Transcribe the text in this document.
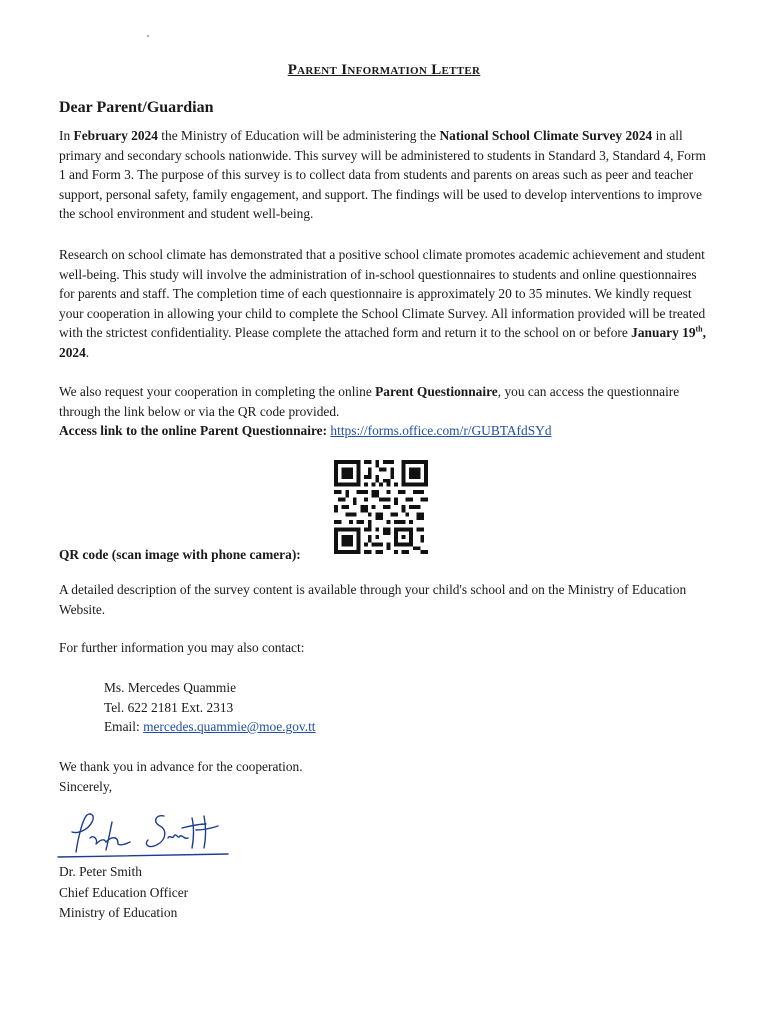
Parent Information Letter
Dear Parent/Guardian

In February 2024 the Ministry of Education will be administering the National School Climate Survey 2024 in all primary and secondary schools nationwide. This survey will be administered to students in Standard 3, Standard 4, Form 1 and Form 3. The purpose of this survey is to collect data from students and parents on areas such as peer and teacher support, personal safety, family engagement, and support. The findings will be used to develop interventions to improve the school environment and student well-being.

Research on school climate has demonstrated that a positive school climate promotes academic achievement and student well-being. This study will involve the administration of in-school questionnaires to students and online questionnaires for parents and staff. The completion time of each questionnaire is approximately 20 to 35 minutes. We kindly request your cooperation in allowing your child to complete the School Climate Survey. All information provided will be treated with the strictest confidentiality. Please complete the attached form and return it to the school on or before January 19th, 2024.

We also request your cooperation in completing the online Parent Questionnaire, you can access the questionnaire through the link below or via the QR code provided.
Access link to the online Parent Questionnaire: https://forms.office.com/r/GUBTAfdSYd

QR code (scan image with phone camera):

A detailed description of the survey content is available through your child's school and on the Ministry of Education Website.

For further information you may also contact:

Ms. Mercedes Quammie
Tel. 622 2181 Ext. 2313
Email: mercedes.quammie@moe.gov.tt

We thank you in advance for the cooperation.
Sincerely,

Dr. Peter Smith
Chief Education Officer
Ministry of Education
